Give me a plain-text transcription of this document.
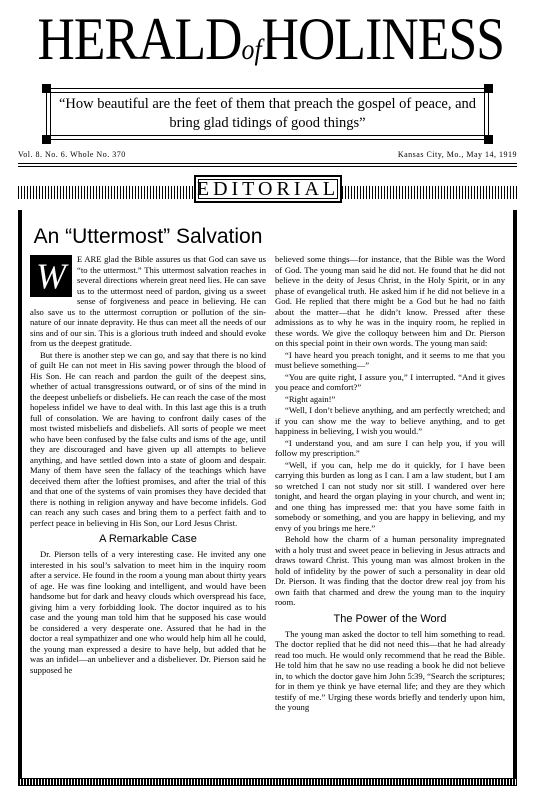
HERALDofHOLINESS
“How beautiful are the feet of them that preach the gospel of peace, and bring glad tidings of good things”
Vol. 8. No. 6. Whole No. 370	Kansas City, Mo., May 14, 1919
EDITORIAL
An “Uttermost” Salvation
W	E ARE glad the Bible assures us that God can save us “to the uttermost.” This uttermost salvation reaches in several directions wherein great need lies. He can save us to the uttermost need of pardon, giving us a sweet sense of forgiveness and peace in believing. He can also save us to the uttermost corruption or pollution of the sin-nature of our innate depravity. He thus can meet all the needs of our sins and of our sin. This is a glorious truth indeed and should evoke from us the deepest gratitude.

But there is another step we can go, and say that there is no kind of guilt He can not meet in His saving power through the blood of His Son. He can reach and pardon the guilt of the deepest sins, whether of actual transgressions outward, or of sins of the mind in the deepest unbeliefs or disbeliefs. He can reach the case of the most hopeless infidel we have to deal with. In this last age this is a truth full of consolation. We are having to confront daily cases of the most twisted misbeliefs and disbeliefs. All sorts of people we meet who have been confused by the false cults and isms of the age, until they are discouraged and have given up all attempts to believe anything, and have settled down into a state of gloom and despair. Many of them have seen the fallacy of the teachings which have deceived them after the loftiest promises, and after the trial of this and that one of the systems of vain promises they have decided that there is nothing in religion anyway and have become infidels. God can reach any such cases and bring them to a perfect faith and to perfect peace in believing in His Son, our Lord Jesus Christ.

A Remarkable Case

Dr. Pierson tells of a very interesting case. He invited any one interested in his soul’s salvation to meet him in the inquiry room after a service. He found in the room a young man about thirty years of age. He was fine looking and intelligent, and would have been handsome but for dark and heavy clouds which overspread his face, giving him a very forbidding look. The doctor inquired as to his case and the young man told him that he supposed his case would be considered a very desperate one. Assured that he had in the doctor a real sympathizer and one who would help him all he could, the young man expressed a desire to have help, but added that he was an infidel—an unbeliever and a disbeliever. Dr. Pierson said he supposed he

believed some things—for instance, that the Bible was the Word of God. The young man said he did not. He found that he did not believe in the deity of Jesus Christ, in the Holy Spirit, or in any phase of evangelical truth. He asked him if he did not believe in a God. He replied that there might be a God but he had no faith about the matter—that he didn’t know. Pressed after these admissions as to why he was in the inquiry room, he replied in these words. We give the colloquy between him and Dr. Pierson on this special point in their own words. The young man said:

“I have heard you preach tonight, and it seems to me that you must believe something—”

“You are quite right, I assure you,” I interrupted. “And it gives you peace and comfort?”

“Right again!”

“Well, I don’t believe anything, and am perfectly wretched; and if you can show me the way to believe anything, and to get happiness in believing, I wish you would.”

“I understand you, and am sure I can help you, if you will follow my prescription.”

“Well, if you can, help me do it quickly, for I have been carrying this burden as long as I can. I am a law student, but I am so wretched I can not study nor sit still. I wandered over here tonight, and heard the organ playing in your church, and went in; and one thing has impressed me: that you have some faith in somebody or something, and you are happy in believing, and my envy of you brings me here.”

Behold how the charm of a human personality impregnated with a holy trust and sweet peace in believing in Jesus attracts and draws toward Christ. This young man was almost broken in the hold of infidelity by the power of such a personality in dear old Dr. Pierson. It was finding that the doctor drew real joy from his own faith that charmed and drew the young man to the inquiry room.

The Power of the Word

The young man asked the doctor to tell him something to read. The doctor replied that he did not need this—that he had already read too much. He would only recommend that he read the Bible. He told him that he saw no use reading a book he did not believe in, to which the doctor gave him John 5:39, “Search the scriptures; for in them ye think ye have eternal life; and they are they which testify of me.” Urging these words briefly and tenderly upon him, the young
